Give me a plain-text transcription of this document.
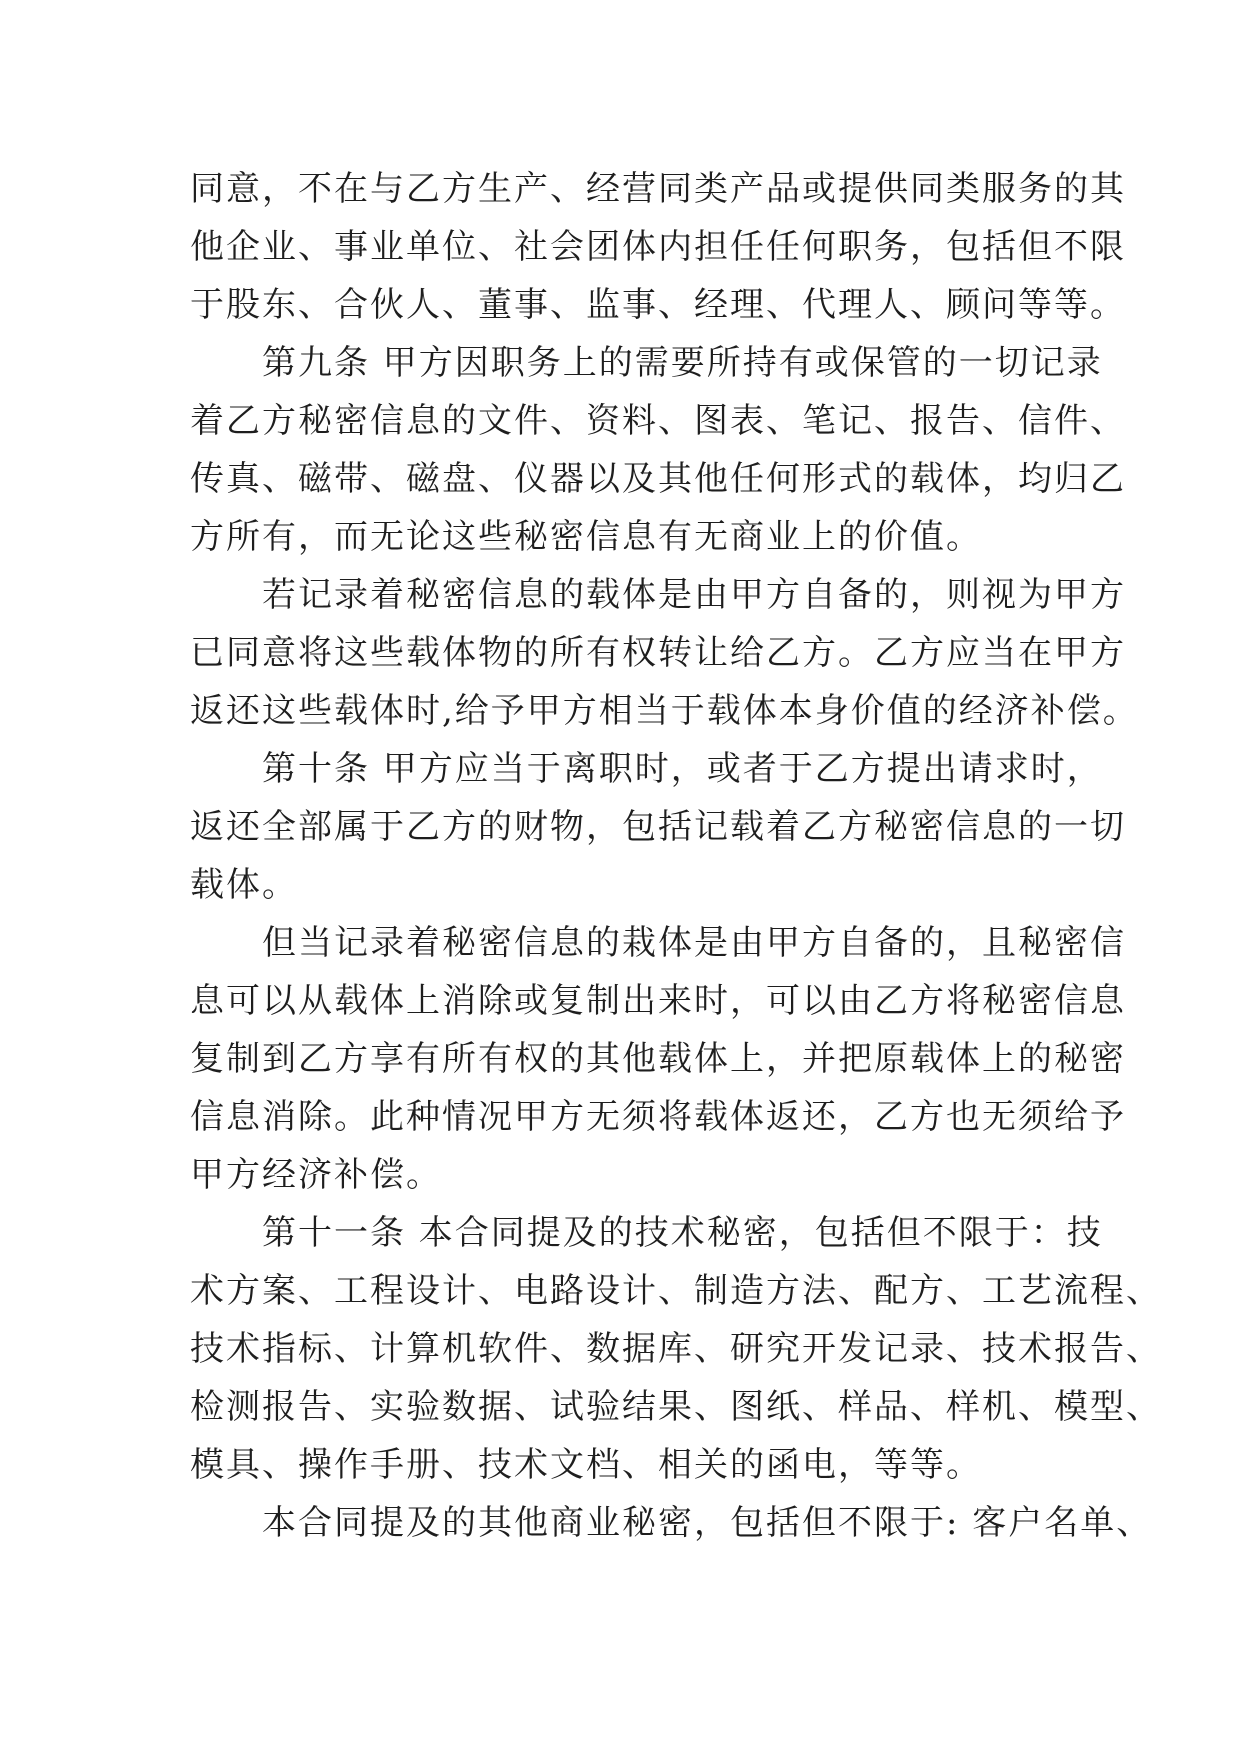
同意，不在与乙方生产、经营同类产品或提供同类服务的其
他企业、事业单位、社会团体内担任任何职务，包括但不限
于股东、合伙人、董事、监事、经理、代理人、顾问等等。
　　第九条 甲方因职务上的需要所持有或保管的一切记录
着乙方秘密信息的文件、资料、图表、笔记、报告、信件、
传真、磁带、磁盘、仪器以及其他任何形式的载体，均归乙
方所有，而无论这些秘密信息有无商业上的价值。
　　若记录着秘密信息的载体是由甲方自备的，则视为甲方
已同意将这些载体物的所有权转让给乙方。乙方应当在甲方
返还这些载体时,给予甲方相当于载体本身价值的经济补偿。
　　第十条 甲方应当于离职时，或者于乙方提出请求时，
返还全部属于乙方的财物，包括记载着乙方秘密信息的一切
载体。
　　但当记录着秘密信息的栽体是由甲方自备的，且秘密信
息可以从载体上消除或复制出来时，可以由乙方将秘密信息
复制到乙方享有所有权的其他载体上，并把原载体上的秘密
信息消除。此种情况甲方无须将载体返还，乙方也无须给予
甲方经济补偿。
　　第十一条 本合同提及的技术秘密，包括但不限于：技
术方案、工程设计、电路设计、制造方法、配方、工艺流程、
技术指标、计算机软件、数据库、研究开发记录、技术报告、
检测报告、实验数据、试验结果、图纸、样品、样机、模型、
模具、操作手册、技术文档、相关的函电，等等。
　　本合同提及的其他商业秘密，包括但不限于: 客户名单、
